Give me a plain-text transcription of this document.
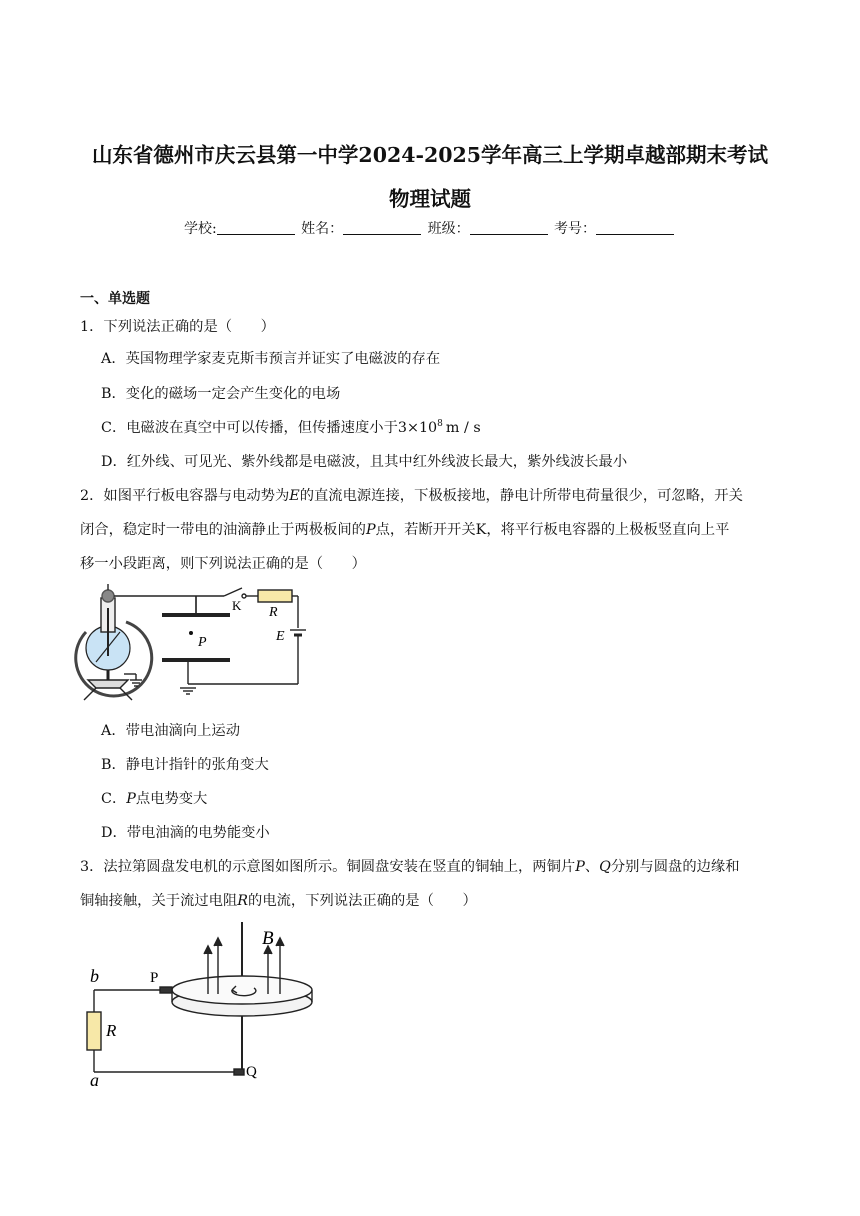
山东省德州市庆云县第一中学2024-2025学年高三上学期卓越部期末考试
物理试题
学校:	姓名：	班级：	考号：
一、单选题
1．下列说法正确的是（　　）
A．英国物理学家麦克斯韦预言并证实了电磁波的存在
B．变化的磁场一定会产生变化的电场
C．电磁波在真空中可以传播，但传播速度小于$3\times 10^8$ m / s
D．红外线、可见光、紫外线都是电磁波，且其中红外线波长最大，紫外线波长最小
2．如图平行板电容器与电动势为E的直流电源连接，下极板接地，静电计所带电荷量很少，可忽略，开关
闭合，稳定时一带电的油滴静止于两极板间的P点，若断开开关K，将平行板电容器的上极板竖直向上平
移一小段距离，则下列说法正确的是（　　）
K R
E
P
A．带电油滴向上运动
B．静电计指针的张角变大
C．P点电势变大
D．带电油滴的电势能变小
3．法拉第圆盘发电机的示意图如图所示。铜圆盘安装在竖直的铜轴上，两铜片P、Q分别与圆盘的边缘和
铜轴接触，关于流过电阻R的电流，下列说法正确的是（　　）
b	P
R
B
Q
a
